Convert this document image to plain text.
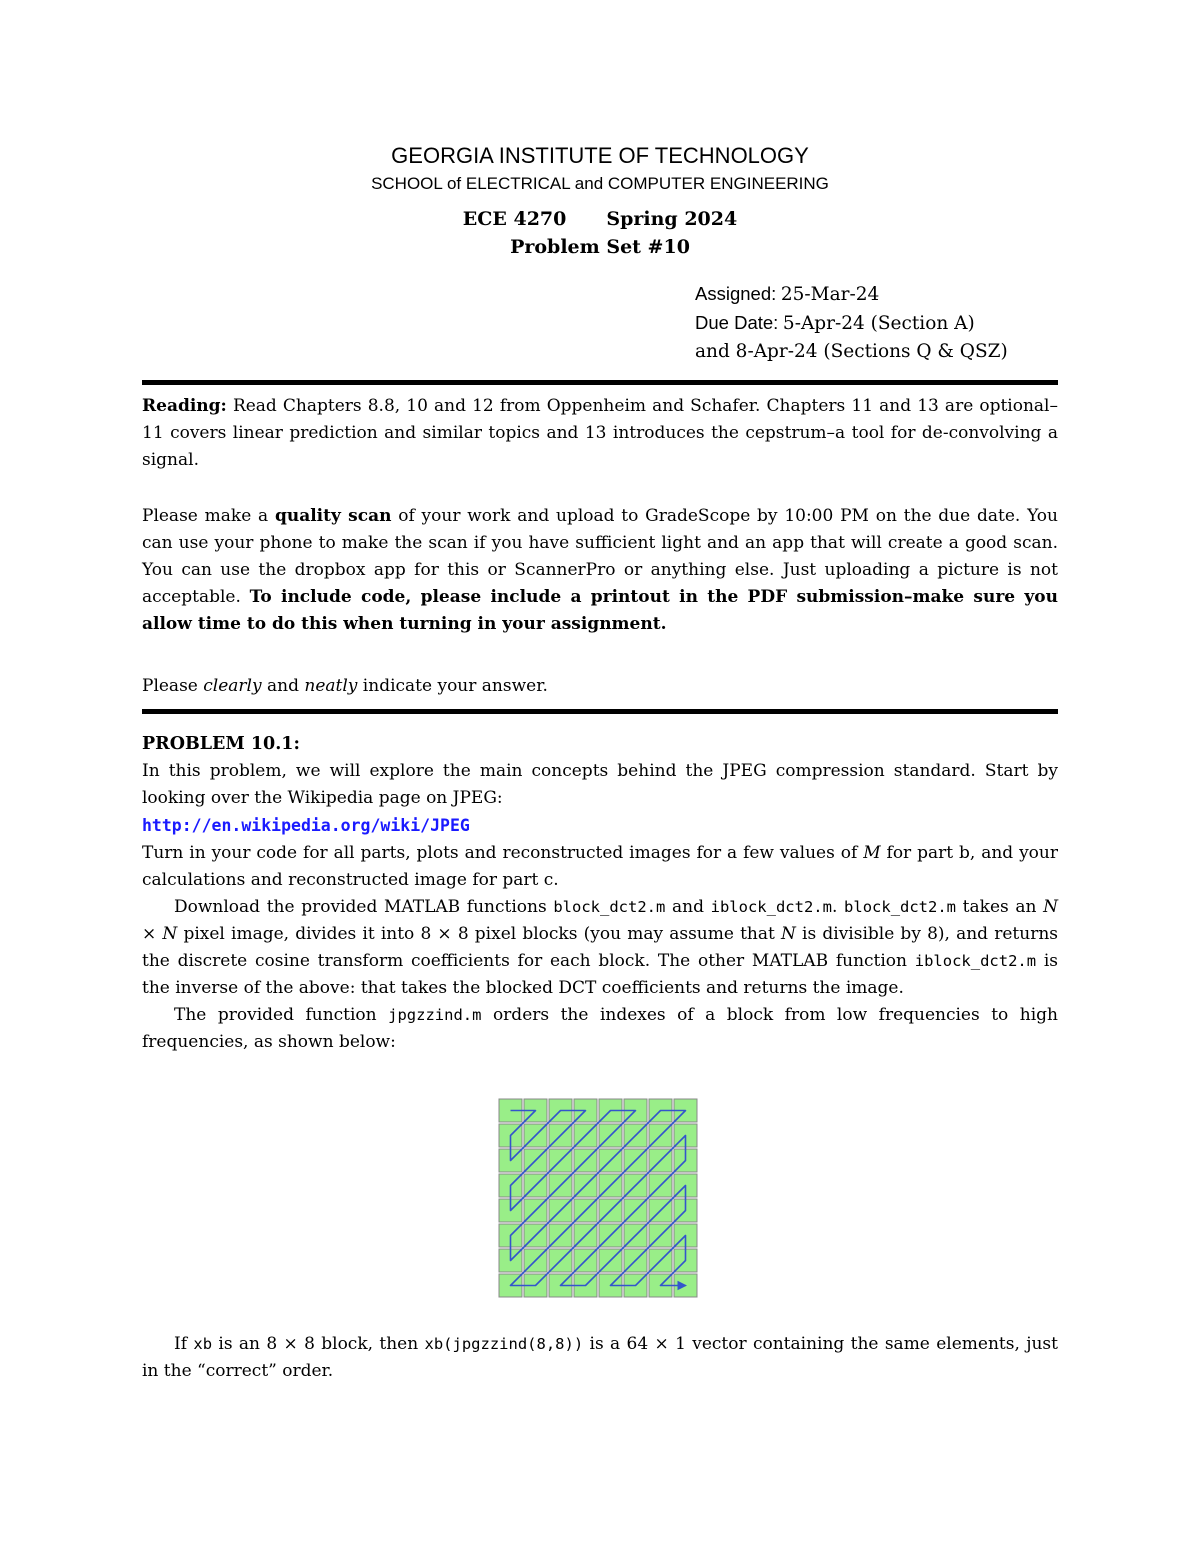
GEORGIA INSTITUTE OF TECHNOLOGY
SCHOOL of ELECTRICAL and COMPUTER ENGINEERING
ECE 4270 Spring 2024
Problem Set #10
Assigned: 25-Mar-24
Due Date: 5-Apr-24 (Section A)
and 8-Apr-24 (Sections Q & QSZ)

Reading: Read Chapters 8.8, 10 and 12 from Oppenheim and Schafer. Chapters 11 and 13 are optional–11 covers linear prediction and similar topics and 13 introduces the cepstrum–a tool for de-convolving a signal.

Please make a quality scan of your work and upload to GradeScope by 10:00 PM on the due date. You can use your phone to make the scan if you have sufficient light and an app that will create a good scan. You can use the dropbox app for this or ScannerPro or anything else. Just uploading a picture is not acceptable. To include code, please include a printout in the PDF submission–make sure you allow time to do this when turning in your assignment.

Please clearly and neatly indicate your answer.

PROBLEM 10.1:

In this problem, we will explore the main concepts behind the JPEG compression standard. Start by looking over the Wikipedia page on JPEG:

http://en.wikipedia.org/wiki/JPEG

Turn in your code for all parts, plots and reconstructed images for a few values of M for part b, and your calculations and reconstructed image for part c.

Download the provided MATLAB functions block_dct2.m and iblock_dct2.m. block_dct2.m takes an N × N pixel image, divides it into 8 × 8 pixel blocks (you may assume that N is divisible by 8), and returns the discrete cosine transform coefficients for each block. The other MATLAB function iblock_dct2.m is the inverse of the above: that takes the blocked DCT coefficients and returns the image.

The provided function jpgzzind.m orders the indexes of a block from low frequencies to high frequencies, as shown below:

If xb is an 8 × 8 block, then xb(jpgzzind(8,8)) is a 64 × 1 vector containing the same elements, just in the “correct” order.
